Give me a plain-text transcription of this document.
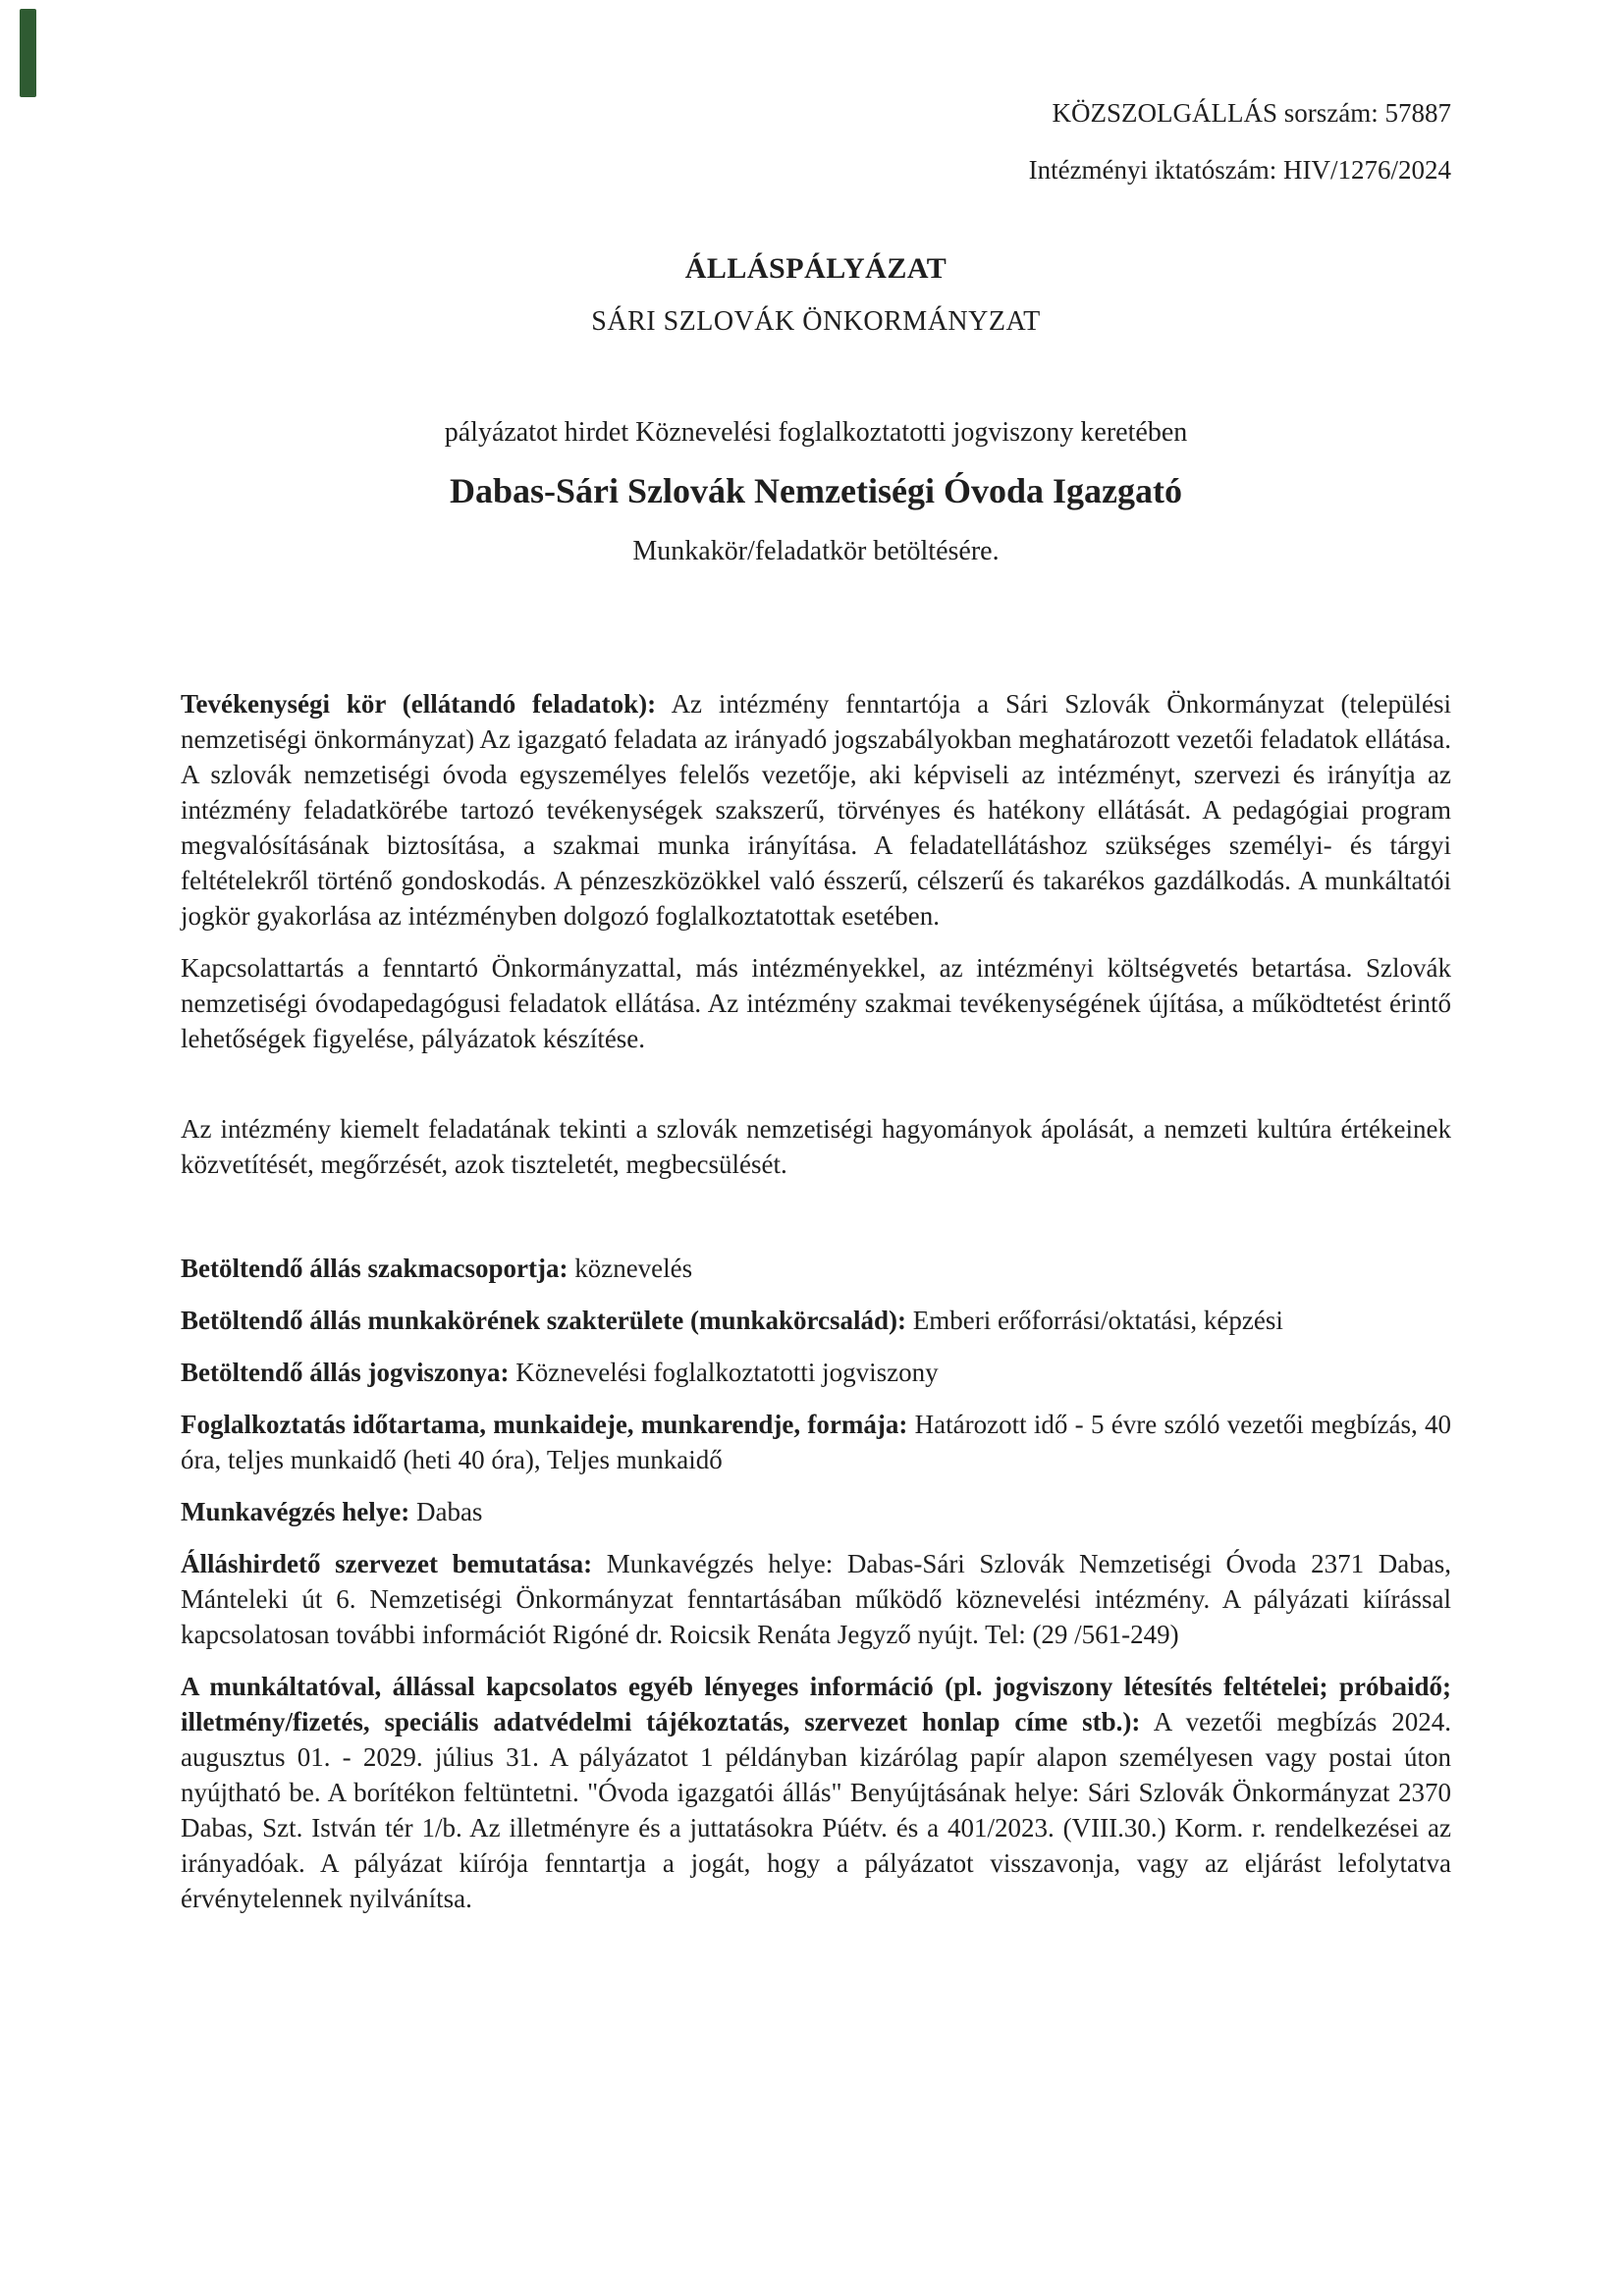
KÖZSZOLGÁLLÁS sorszám: 57887
Intézményi iktatószám: HIV/1276/2024
ÁLLÁSPÁLYÁZAT
SÁRI SZLOVÁK ÖNKORMÁNYZAT
pályázatot hirdet Köznevelési foglalkoztatotti jogviszony keretében
Dabas-Sári Szlovák Nemzetiségi Óvoda Igazgató
Munkakör/feladatkör betöltésére.

Tevékenységi kör (ellátandó feladatok): Az intézmény fenntartója a Sári Szlovák Önkormányzat (települési nemzetiségi önkormányzat) Az igazgató feladata az irányadó jogszabályokban meghatározott vezetői feladatok ellátása. A szlovák nemzetiségi óvoda egyszemélyes felelős vezetője, aki képviseli az intézményt, szervezi és irányítja az intézmény feladatkörébe tartozó tevékenységek szakszerű, törvényes és hatékony ellátását. A pedagógiai program megvalósításának biztosítása, a szakmai munka irányítása. A feladatellátáshoz szükséges személyi- és tárgyi feltételekről történő gondoskodás. A pénzeszközökkel való ésszerű, célszerű és takarékos gazdálkodás. A munkáltatói jogkör gyakorlása az intézményben dolgozó foglalkoztatottak esetében.

Kapcsolattartás a fenntartó Önkormányzattal, más intézményekkel, az intézményi költségvetés betartása. Szlovák nemzetiségi óvodapedagógusi feladatok ellátása. Az intézmény szakmai tevékenységének újítása, a működtetést érintő lehetőségek figyelése, pályázatok készítése.

Az intézmény kiemelt feladatának tekinti a szlovák nemzetiségi hagyományok ápolását, a nemzeti kultúra értékeinek közvetítését, megőrzését, azok tiszteletét, megbecsülését.

Betöltendő állás szakmacsoportja: köznevelés

Betöltendő állás munkakörének szakterülete (munkakörcsalád): Emberi erőforrási/oktatási, képzési

Betöltendő állás jogviszonya: Köznevelési foglalkoztatotti jogviszony

Foglalkoztatás időtartama, munkaideje, munkarendje, formája: Határozott idő - 5 évre szóló vezetői megbízás, 40 óra, teljes munkaidő (heti 40 óra), Teljes munkaidő

Munkavégzés helye: Dabas

Álláshirdető szervezet bemutatása: Munkavégzés helye: Dabas-Sári Szlovák Nemzetiségi Óvoda 2371 Dabas, Mánteleki út 6. Nemzetiségi Önkormányzat fenntartásában működő köznevelési intézmény. A pályázati kiírással kapcsolatosan további információt Rigóné dr. Roicsik Renáta Jegyző nyújt. Tel: (29 /561-249)

A munkáltatóval, állással kapcsolatos egyéb lényeges információ (pl. jogviszony létesítés feltételei; próbaidő; illetmény/fizetés, speciális adatvédelmi tájékoztatás, szervezet honlap címe stb.): A vezetői megbízás 2024. augusztus 01. - 2029. július 31. A pályázatot 1 példányban kizárólag papír alapon személyesen vagy postai úton nyújtható be. A borítékon feltüntetni. "Óvoda igazgatói állás" Benyújtásának helye: Sári Szlovák Önkormányzat 2370 Dabas, Szt. István tér 1/b. Az illetményre és a juttatásokra Púétv. és a 401/2023. (VIII.30.) Korm. r. rendelkezései az irányadóak. A pályázat kiírója fenntartja a jogát, hogy a pályázatot visszavonja, vagy az eljárást lefolytatva érvénytelennek nyilvánítsa.
